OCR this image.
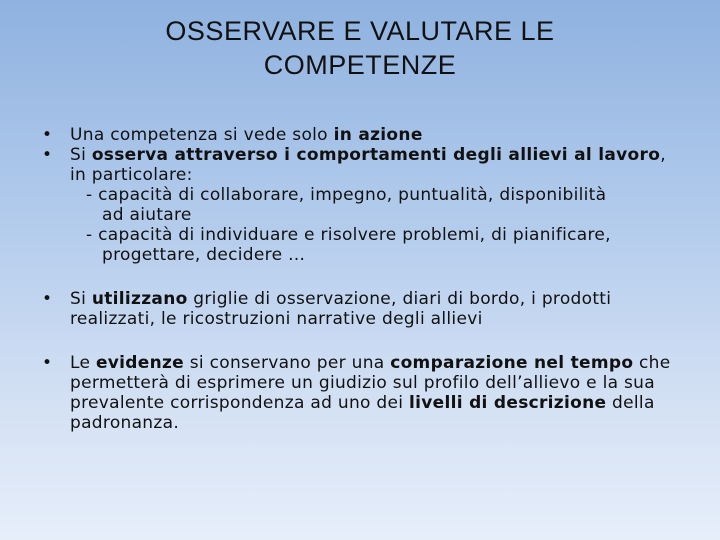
OSSERVARE E VALUTARE LE
COMPETENZE

• Una competenza si vede solo in azione

• Si osserva attraverso i comportamenti degli allievi al lavoro, in particolare:
- capacità di collaborare, impegno, puntualità, disponibilità
ad aiutare
- capacità di individuare e risolvere problemi, di pianificare,
progettare, decidere …

• Si utilizzano griglie di osservazione, diari di bordo, i prodotti realizzati, le ricostruzioni narrative degli allievi

• Le evidenze si conservano per una comparazione nel tempo che permetterà di esprimere un giudizio sul profilo dell’allievo e la sua prevalente corrispondenza ad uno dei livelli di descrizione della padronanza.
